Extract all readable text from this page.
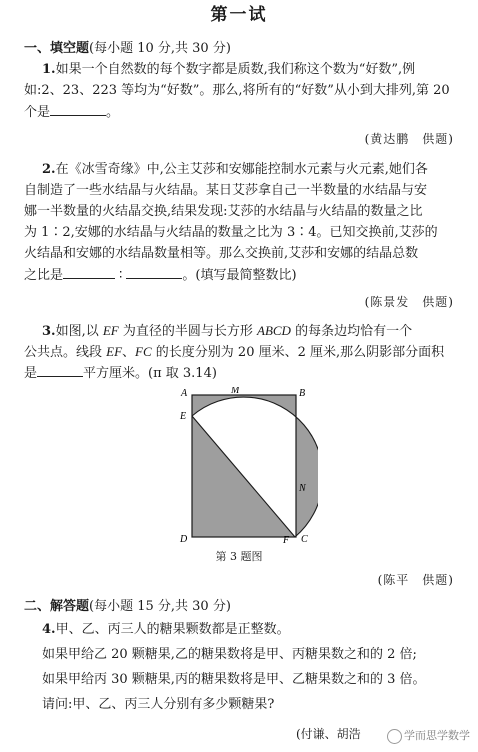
第一试
一、填空题(每小题 10 分,共 30 分)
1.如果一个自然数的每个数字都是质数,我们称这个数为“好数”,例
如:2、23、223 等均为“好数”。那么,将所有的“好数”从小到大排列,第 20
个是	。
(黄达鹏　供题)
2.在《冰雪奇缘》中,公主艾莎和安娜能控制水元素与火元素,她们各
自制造了一些水结晶与火结晶。某日艾莎拿自己一半数量的水结晶与安
娜一半数量的火结晶交换,结果发现:艾莎的水结晶与火结晶的数量之比
为 1∶2,安娜的水结晶与火结晶的数量之比为 3∶4。已知交换前,艾莎的
火结晶和安娜的水结晶数量相等。那么交换前,艾莎和安娜的结晶总数
之比是	∶	。(填写最简整数比)
(陈景发　供题)
3.如图,以 EF 为直径的半圆与长方形 ABCD 的每条边均恰有一个
公共点。线段 EF、FC 的长度分别为 20 厘米、2 厘米,那么阴影部分面积
是	平方厘米。(π 取 3.14)
A	M	B
E
N
D	F C
第 3 题图
(陈平　供题)
二、解答题(每小题 15 分,共 30 分)
4.甲、乙、丙三人的糖果颗数都是正整数。
如果甲给乙 20 颗糖果,乙的糖果数将是甲、丙糖果数之和的 2 倍;
如果甲给丙 30 颗糖果,丙的糖果数将是甲、乙糖果数之和的 3 倍。
请问:甲、乙、丙三人分别有多少颗糖果?
(付谦、胡浩	学而思学数学
